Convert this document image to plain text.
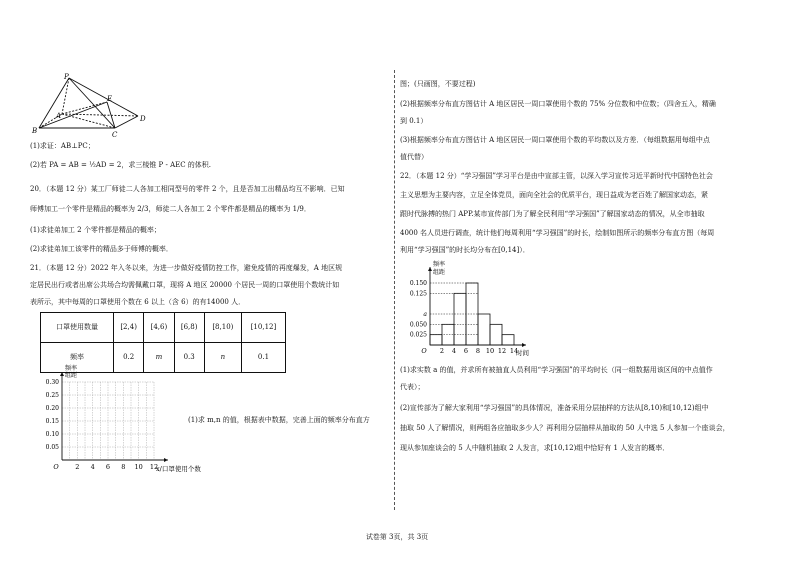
P
A
E
D
B	C

(1)求证：AB⊥PC；

(2)若 PA = AB = ½AD = 2，求三棱锥 P - AEC 的体积.

20．（本题 12 分）某工厂师徒二人各加工相同型号的零件 2 个，且是否加工出精品均互不影响．已知

师傅加工一个零件是精品的概率为 2/3，师徒二人各加工 2 个零件都是精品的概率为 1/9．

(1)求徒弟加工 2 个零件都是精品的概率；

(2)求徒弟加工该零件的精品多于师傅的概率．

21．（本题 12 分）2022 年入冬以来，为进一步做好疫情防控工作，避免疫情的再度爆发，A 地区规

定居民出行或者出席公共场合均需佩戴口罩，现将 A 地区 20000 个居民一周的口罩使用个数统计如

表所示，其中每周的口罩使用个数在 6 以上（含 6）的有14000 人．

口罩使用数量	[2,4)	[4,6)	[6,8)	[8,10)	[10,12]
频率	0.2	m	0.3	n	0.1
频率
组距
0.30
0.25
0.20
0.15
0.10
0.05
O	2 4 6 8 10 12
x/口罩使用个数

(1)求 m,n 的值，根据表中数据，完善上面的频率分布直方

图；(只画图，不要过程)

(2)根据频率分布直方图估计 A 地区居民一周口罩使用个数的 75% 分位数和中位数；（四舍五入，精确

到 0.1）

(3)根据频率分布直方图估计 A 地区居民一周口罩使用个数的平均数以及方差．（每组数据用每组中点

值代替）

22．（本题 12 分）“学习强国”学习平台是由中宣部主管，以深入学习宣传习近平新时代中国特色社会

主义思想为主要内容，立足全体党员，面向全社会的优质平台，现日益成为老百姓了解国家动态，紧

跟时代脉搏的热门 APP.某市宣传部门为了解全民利用“学习强国”了解国家动态的情况，从全市抽取

4000 名人员进行调查，统计他们每周利用“学习强国”的时长，绘制如图所示的频率分布直方图（每周

利用“学习强国”的时长均分布在[0,14]）．

频率
组距
0.150
0.125
a
0.050
0.025
O 2 4 6 8 10 12 14
时间

(1)求实数 a 的值，并求所有被抽直人员利用“学习强国”的平均时长（同一组数据用该区间的中点值作

代表）；

(2)宣传部为了解大家利用“学习强国”的具体情况，准备采用分层抽样的方法从[8,10)和[10,12)组中

抽取 50 人了解情况，则两组各应抽取多少人？再利用分层抽样从抽取的 50 人中选 5 人参加一个座谈会，

现从参加座谈会的 5 人中随机抽取 2 人发言，求[10,12)组中恰好有 1 人发言的概率．

试卷第 3页，共 3页
